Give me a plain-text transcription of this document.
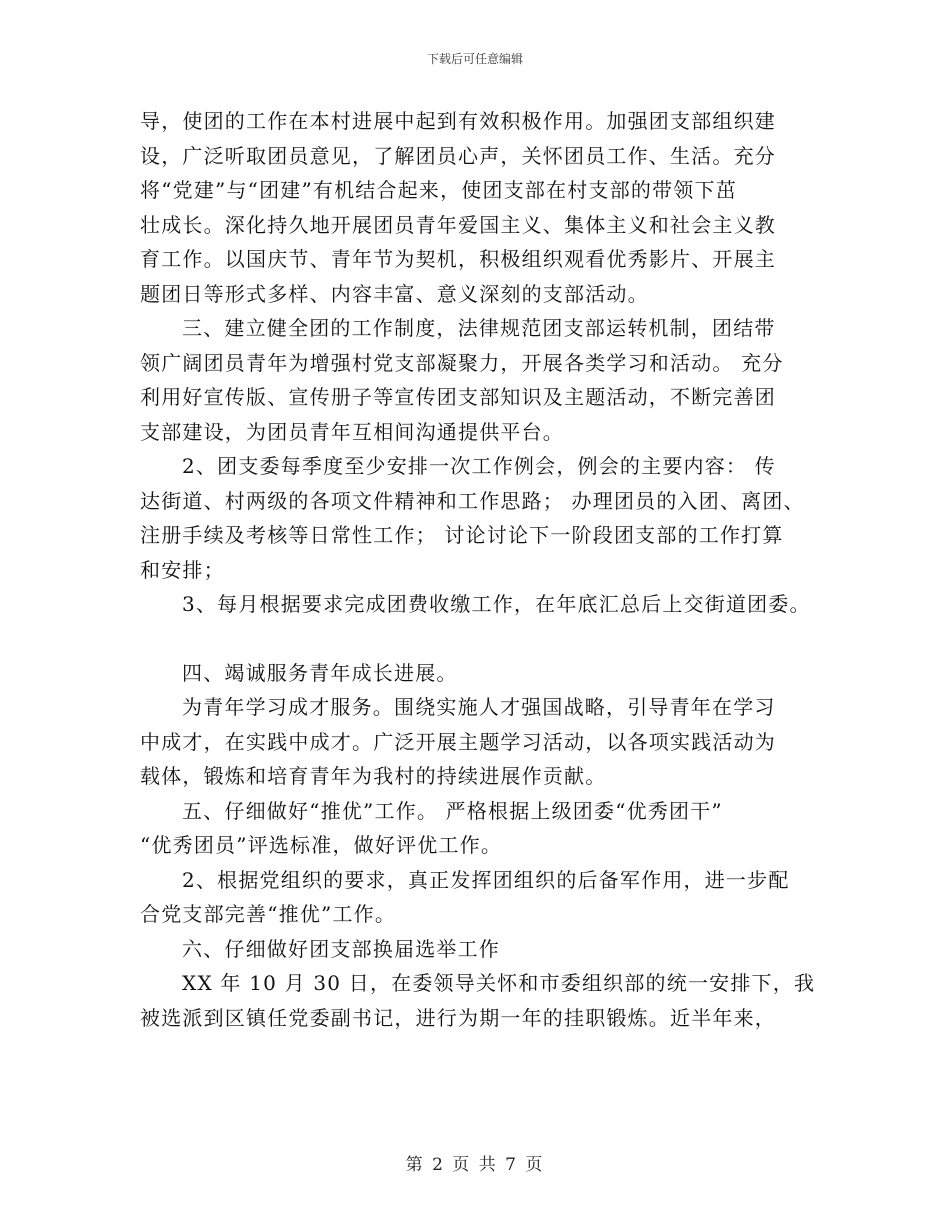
下载后可任意编辑
导，使团的工作在本村进展中起到有效积极作用。加强团支部组织建
设，广泛听取团员意见，了解团员心声，关怀团员工作、生活。充分
将“党建”与“团建”有机结合起来，使团支部在村支部的带领下茁
壮成长。深化持久地开展团员青年爱国主义、集体主义和社会主义教
育工作。以国庆节、青年节为契机，积极组织观看优秀影片、开展主
题团日等形式多样、内容丰富、意义深刻的支部活动。
三、建立健全团的工作制度，法律规范团支部运转机制，团结带
领广阔团员青年为增强村党支部凝聚力，开展各类学习和活动。 充分
利用好宣传版、宣传册子等宣传团支部知识及主题活动，不断完善团
支部建设，为团员青年互相间沟通提供平台。
2、团支委每季度至少安排一次工作例会，例会的主要内容： 传
达街道、村两级的各项文件精神和工作思路； 办理团员的入团、离团、
注册手续及考核等日常性工作； 讨论讨论下一阶段团支部的工作打算
和安排；
3、每月根据要求完成团费收缴工作，在年底汇总后上交街道团委。
四、竭诚服务青年成长进展。
为青年学习成才服务。围绕实施人才强国战略，引导青年在学习
中成才，在实践中成才。广泛开展主题学习活动，以各项实践活动为
载体，锻炼和培育青年为我村的持续进展作贡献。
五、仔细做好“推优”工作。 严格根据上级团委“优秀团干”
“优秀团员”评选标准，做好评优工作。
2、根据党组织的要求，真正发挥团组织的后备军作用，进一步配
合党支部完善“推优”工作。
六、仔细做好团支部换届选举工作
XX 年 10 月 30 日，在委领导关怀和市委组织部的统一安排下，我
被选派到区镇任党委副书记，进行为期一年的挂职锻炼。近半年来，
第 2 页 共 7 页
